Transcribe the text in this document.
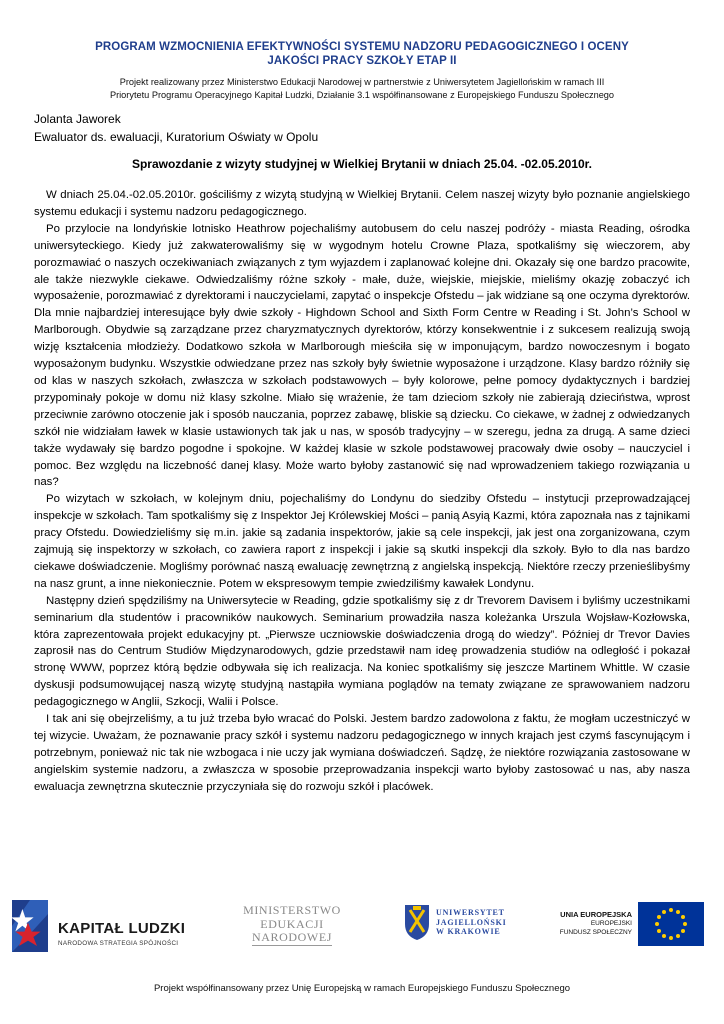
PROGRAM WZMOCNIENIA EFEKTYWNOŚCI SYSTEMU NADZORU PEDAGOGICZNEGO I OCENY
JAKOŚCI PRACY SZKOŁY ETAP II
Projekt realizowany przez Ministerstwo Edukacji Narodowej w partnerstwie z Uniwersytetem Jagiellońskim w ramach III
Priorytetu Programu Operacyjnego Kapitał Ludzki, Działanie 3.1 współfinansowane z Europejskiego Funduszu Społecznego
Jolanta Jaworek
Ewaluator ds. ewaluacji, Kuratorium Oświaty w Opolu
Sprawozdanie z wizyty studyjnej w Wielkiej Brytanii w dniach 25.04. -02.05.2010r.

W dniach 25.04.-02.05.2010r. gościliśmy z wizytą studyjną w Wielkiej Brytanii. Celem naszej wizyty było poznanie angielskiego systemu edukacji i systemu nadzoru pedagogicznego.

Po przylocie na londyńskie lotnisko Heathrow pojechaliśmy autobusem do celu naszej podróży - miasta Reading, ośrodka uniwersyteckiego. Kiedy już zakwaterowaliśmy się w wygodnym hotelu Crowne Plaza, spotkaliśmy się wieczorem, aby porozmawiać o naszych oczekiwaniach związanych z tym wyjazdem i zaplanować kolejne dni. Okazały się one bardzo pracowite, ale także niezwykle ciekawe. Odwiedzaliśmy różne szkoły - małe, duże, wiejskie, miejskie, mieliśmy okazję zobaczyć ich wyposażenie, porozmawiać z dyrektorami i nauczycielami, zapytać o inspekcje Ofstedu – jak widziane są one oczyma dyrektorów. Dla mnie najbardziej interesujące były dwie szkoły - Highdown School and Sixth Form Centre w Reading i St. John’s School w Marlborough. Obydwie są zarządzane przez charyzmatycznych dyrektorów, którzy konsekwentnie i z sukcesem realizują swoją wizję kształcenia młodzieży. Dodatkowo szkoła w Marlborough mieściła się w imponującym, bardzo nowoczesnym i bogato wyposażonym budynku. Wszystkie odwiedzane przez nas szkoły były świetnie wyposażone i urządzone. Klasy bardzo różniły się od klas w naszych szkołach, zwłaszcza w szkołach podstawowych – były kolorowe, pełne pomocy dydaktycznych i bardziej przypominały pokoje w domu niż klasy szkolne. Miało się wrażenie, że tam dzieciom szkoły nie zabierają dzieciństwa, wprost przeciwnie zarówno otoczenie jak i sposób nauczania, poprzez zabawę, bliskie są dziecku. Co ciekawe, w żadnej z odwiedzanych szkół nie widziałam ławek w klasie ustawionych tak jak u nas, w sposób tradycyjny – w szeregu, jedna za drugą. A same dzieci także wydawały się bardzo pogodne i spokojne. W każdej klasie w szkole podstawowej pracowały dwie osoby – nauczyciel i pomoc. Bez względu na liczebność danej klasy. Może warto byłoby zastanowić się nad wprowadzeniem takiego rozwiązania u nas?

Po wizytach w szkołach, w kolejnym dniu, pojechaliśmy do Londynu do siedziby Ofstedu – instytucji przeprowadzającej inspekcje w szkołach. Tam spotkaliśmy się z Inspektor Jej Królewskiej Mości – panią Asyią Kazmi, która zapoznała nas z tajnikami pracy Ofstedu. Dowiedzieliśmy się m.in. jakie są zadania inspektorów, jakie są cele inspekcji, jak jest ona zorganizowana, czym zajmują się inspektorzy w szkołach, co zawiera raport z inspekcji i jakie są skutki inspekcji dla szkoły. Było to dla nas bardzo ciekawe doświadczenie. Mogliśmy porównać naszą ewaluację zewnętrzną z angielską inspekcją. Niektóre rzeczy przenieślibyśmy na nasz grunt, a inne niekoniecznie. Potem w ekspresowym tempie zwiedziliśmy kawałek Londynu.

Następny dzień spędziliśmy na Uniwersytecie w Reading, gdzie spotkaliśmy się z dr Trevorem Davisem i byliśmy uczestnikami seminarium dla studentów i pracowników naukowych. Seminarium prowadziła nasza koleżanka Urszula Wojsław-Kozłowska, która zaprezentowała projekt edukacyjny pt. „Pierwsze uczniowskie doświadczenia drogą do wiedzy”. Później dr Trevor Davies zaprosił nas do Centrum Studiów Międzynarodowych, gdzie przedstawił nam ideę prowadzenia studiów na odległość i pokazał stronę WWW, poprzez którą będzie odbywała się ich realizacja. Na koniec spotkaliśmy się jeszcze Martinem Whittle. W czasie dyskusji podsumowującej naszą wizytę studyjną nastąpiła wymiana poglądów na tematy związane ze sprawowaniem nadzoru pedagogicznego w Anglii, Szkocji, Walii i Polsce.

I tak ani się obejrzeliśmy, a tu już trzeba było wracać do Polski. Jestem bardzo zadowolona z faktu, że mogłam uczestniczyć w tej wizycie. Uważam, że poznawanie pracy szkół i systemu nadzoru pedagogicznego w innych krajach jest czymś fascynującym i potrzebnym, ponieważ nic tak nie wzbogaca i nie uczy jak wymiana doświadczeń. Sądzę, że niektóre rozwiązania zastosowane w angielskim systemie nadzoru, a zwłaszcza w sposobie przeprowadzania inspekcji warto byłoby zastosować u nas, aby nasza ewaluacja zewnętrzna skutecznie przyczyniała się do rozwoju szkół i placówek.

KAPITAŁ LUDZKI
NARODOWA STRATEGIA SPÓJNOŚCI
MINISTERSTWO
EDUKACJI
NARODOWEJ
UNIWERSYTET
JAGIELLOŃSKI
W KRAKOWIE
UNIA EUROPEJSKA
EUROPEJSKI
FUNDUSZ SPOŁECZNY
Projekt współfinansowany przez Unię Europejską w ramach Europejskiego Funduszu Społecznego
